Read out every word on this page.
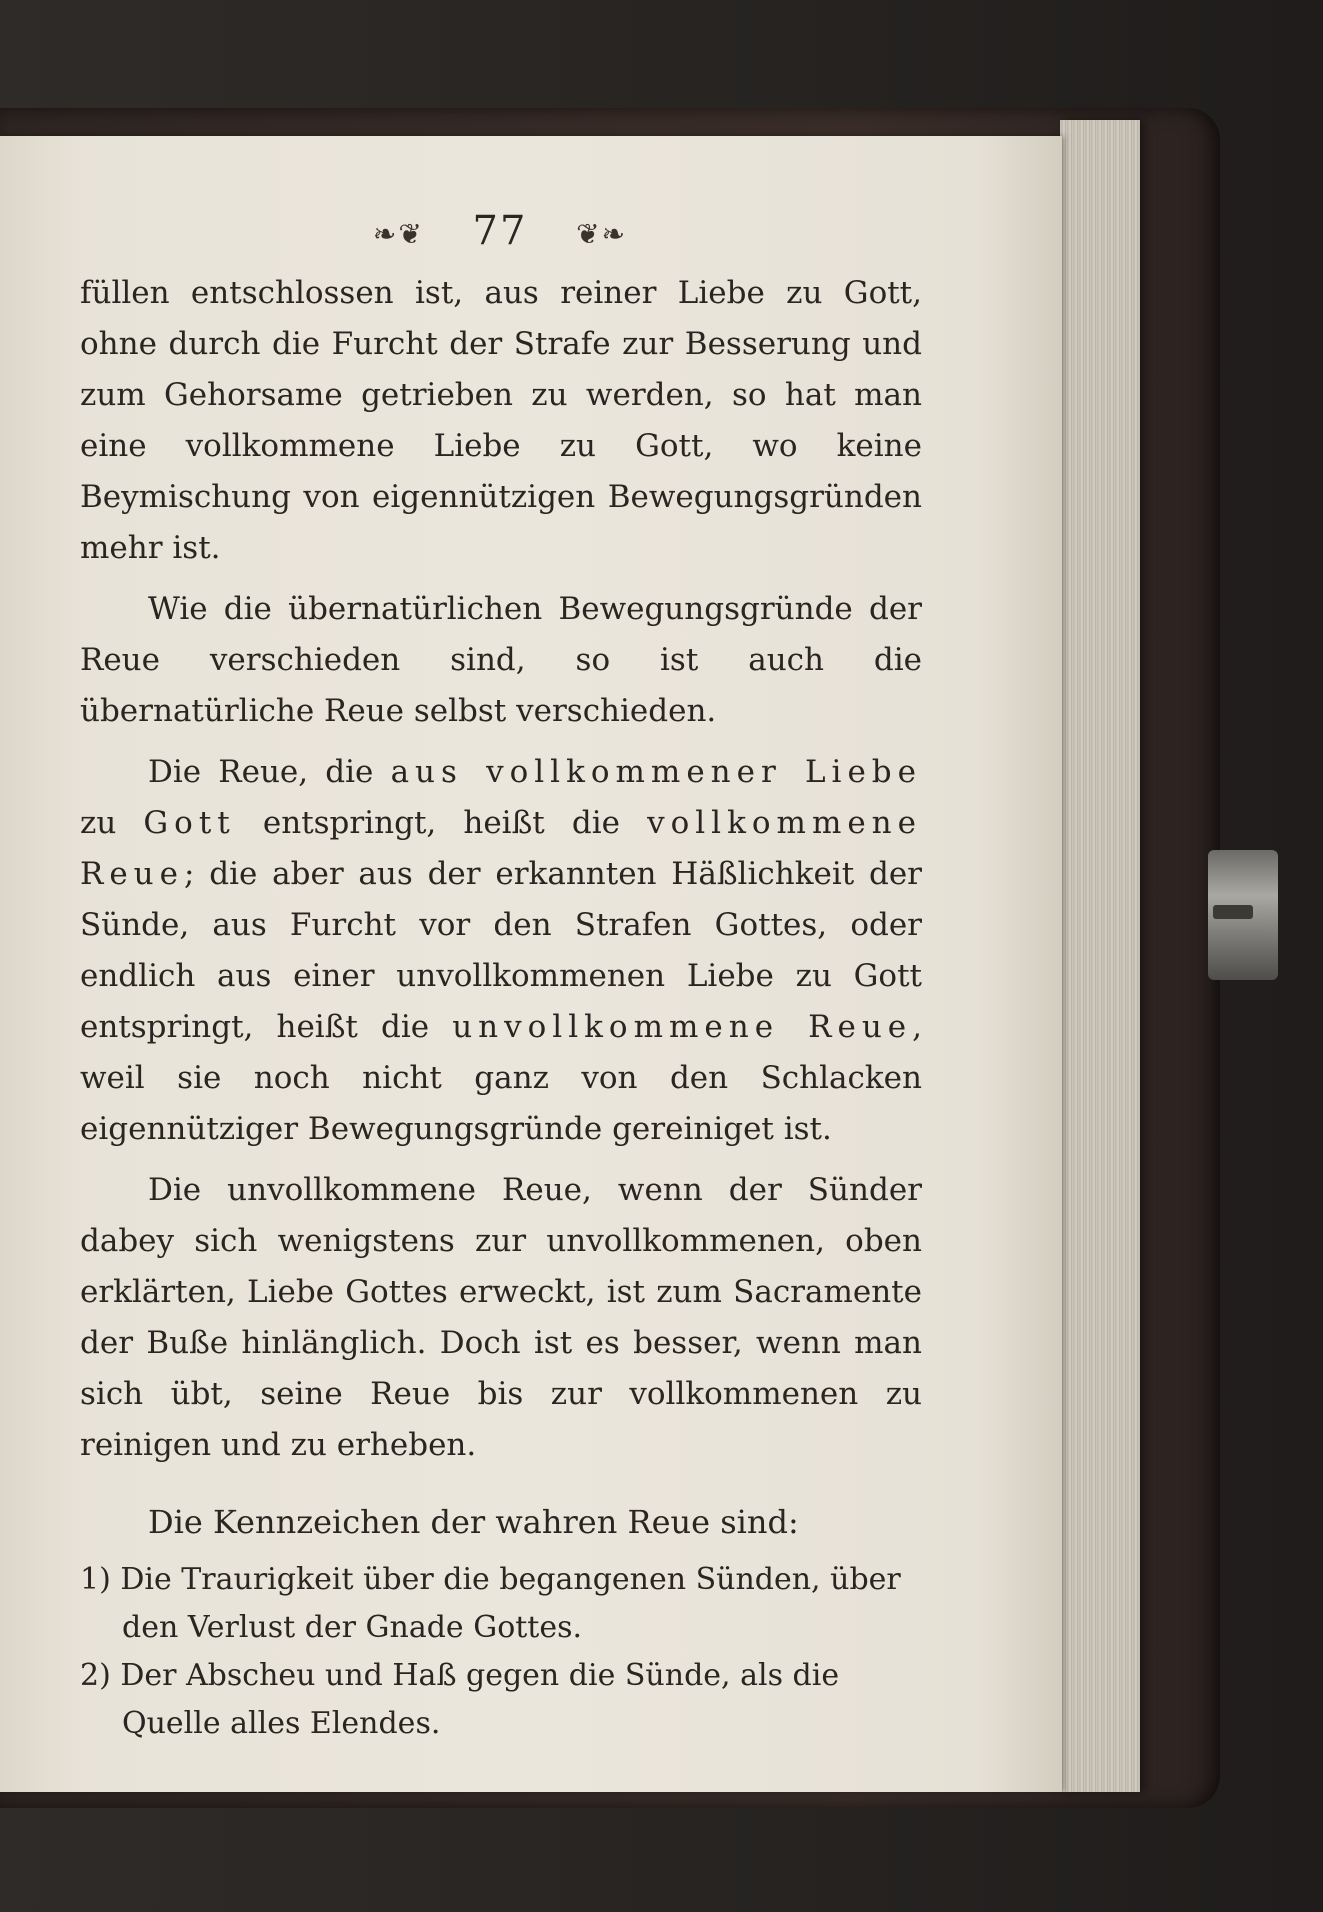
❧❦ 77 ❦❧

füllen entschlossen ist, aus reiner Liebe zu Gott, ohne durch die Furcht der Strafe zur Besserung und zum Gehorsame getrieben zu werden, so hat man eine vollkommene Liebe zu Gott, wo keine Beymischung von eigennützigen Bewegungsgründen mehr ist.

Wie die übernatürlichen Bewegungsgründe der Reue verschieden sind, so ist auch die übernatürliche Reue selbst verschieden.

Die Reue, die aus vollkommener Liebe zu Gott entspringt, heißt die vollkommene Reue; die aber aus der erkannten Häßlichkeit der Sünde, aus Furcht vor den Strafen Gottes, oder endlich aus einer unvollkommenen Liebe zu Gott entspringt, heißt die unvollkommene Reue, weil sie noch nicht ganz von den Schlacken eigennütziger Bewegungsgründe gereiniget ist.

Die unvollkommene Reue, wenn der Sünder dabey sich wenigstens zur unvollkommenen, oben erklärten, Liebe Gottes erweckt, ist zum Sacramente der Buße hinlänglich. Doch ist es besser, wenn man sich übt, seine Reue bis zur vollkommenen zu reinigen und zu erheben.

Die Kennzeichen der wahren Reue sind:

1) Die Traurigkeit über die begangenen Sünden, über den Verlust der Gnade Gottes.
2) Der Abscheu und Haß gegen die Sünde, als die Quelle alles Elendes.
